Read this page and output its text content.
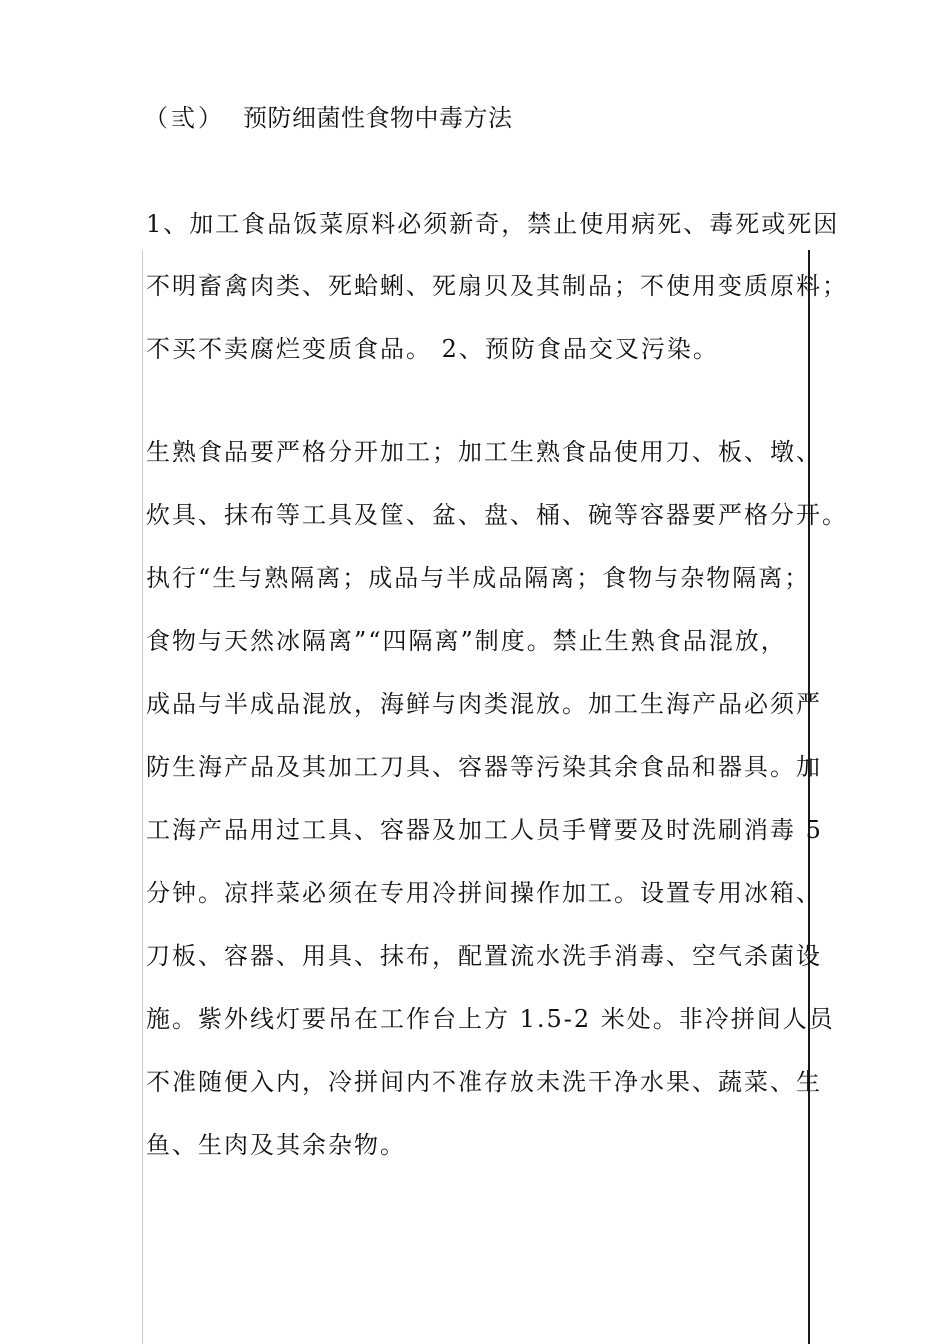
（弎） 预防细菌性食物中毒方法
1、加工食品饭菜原料必须新奇，禁止使用病死、毒死或死因
不明畜禽肉类、死蛤蜊、死扇贝及其制品；不使用变质原料；
不买不卖腐烂变质食品。 2、预防食品交叉污染。
生熟食品要严格分开加工；加工生熟食品使用刀、板、墩、
炊具、抹布等工具及筐、盆、盘、桶、碗等容器要严格分开。
执行“生与熟隔离；成品与半成品隔离；食物与杂物隔离；
食物与天然冰隔离”“四隔离”制度。禁止生熟食品混放，
成品与半成品混放，海鲜与肉类混放。加工生海产品必须严
防生海产品及其加工刀具、容器等污染其余食品和器具。加
工海产品用过工具、容器及加工人员手臂要及时洗刷消毒 5
分钟。凉拌菜必须在专用冷拼间操作加工。设置专用冰箱、
刀板、容器、用具、抹布，配置流水洗手消毒、空气杀菌设
施。紫外线灯要吊在工作台上方 1.5-2 米处。非冷拼间人员
不准随便入内，冷拼间内不准存放未洗干净水果、蔬菜、生
鱼、生肉及其余杂物。
